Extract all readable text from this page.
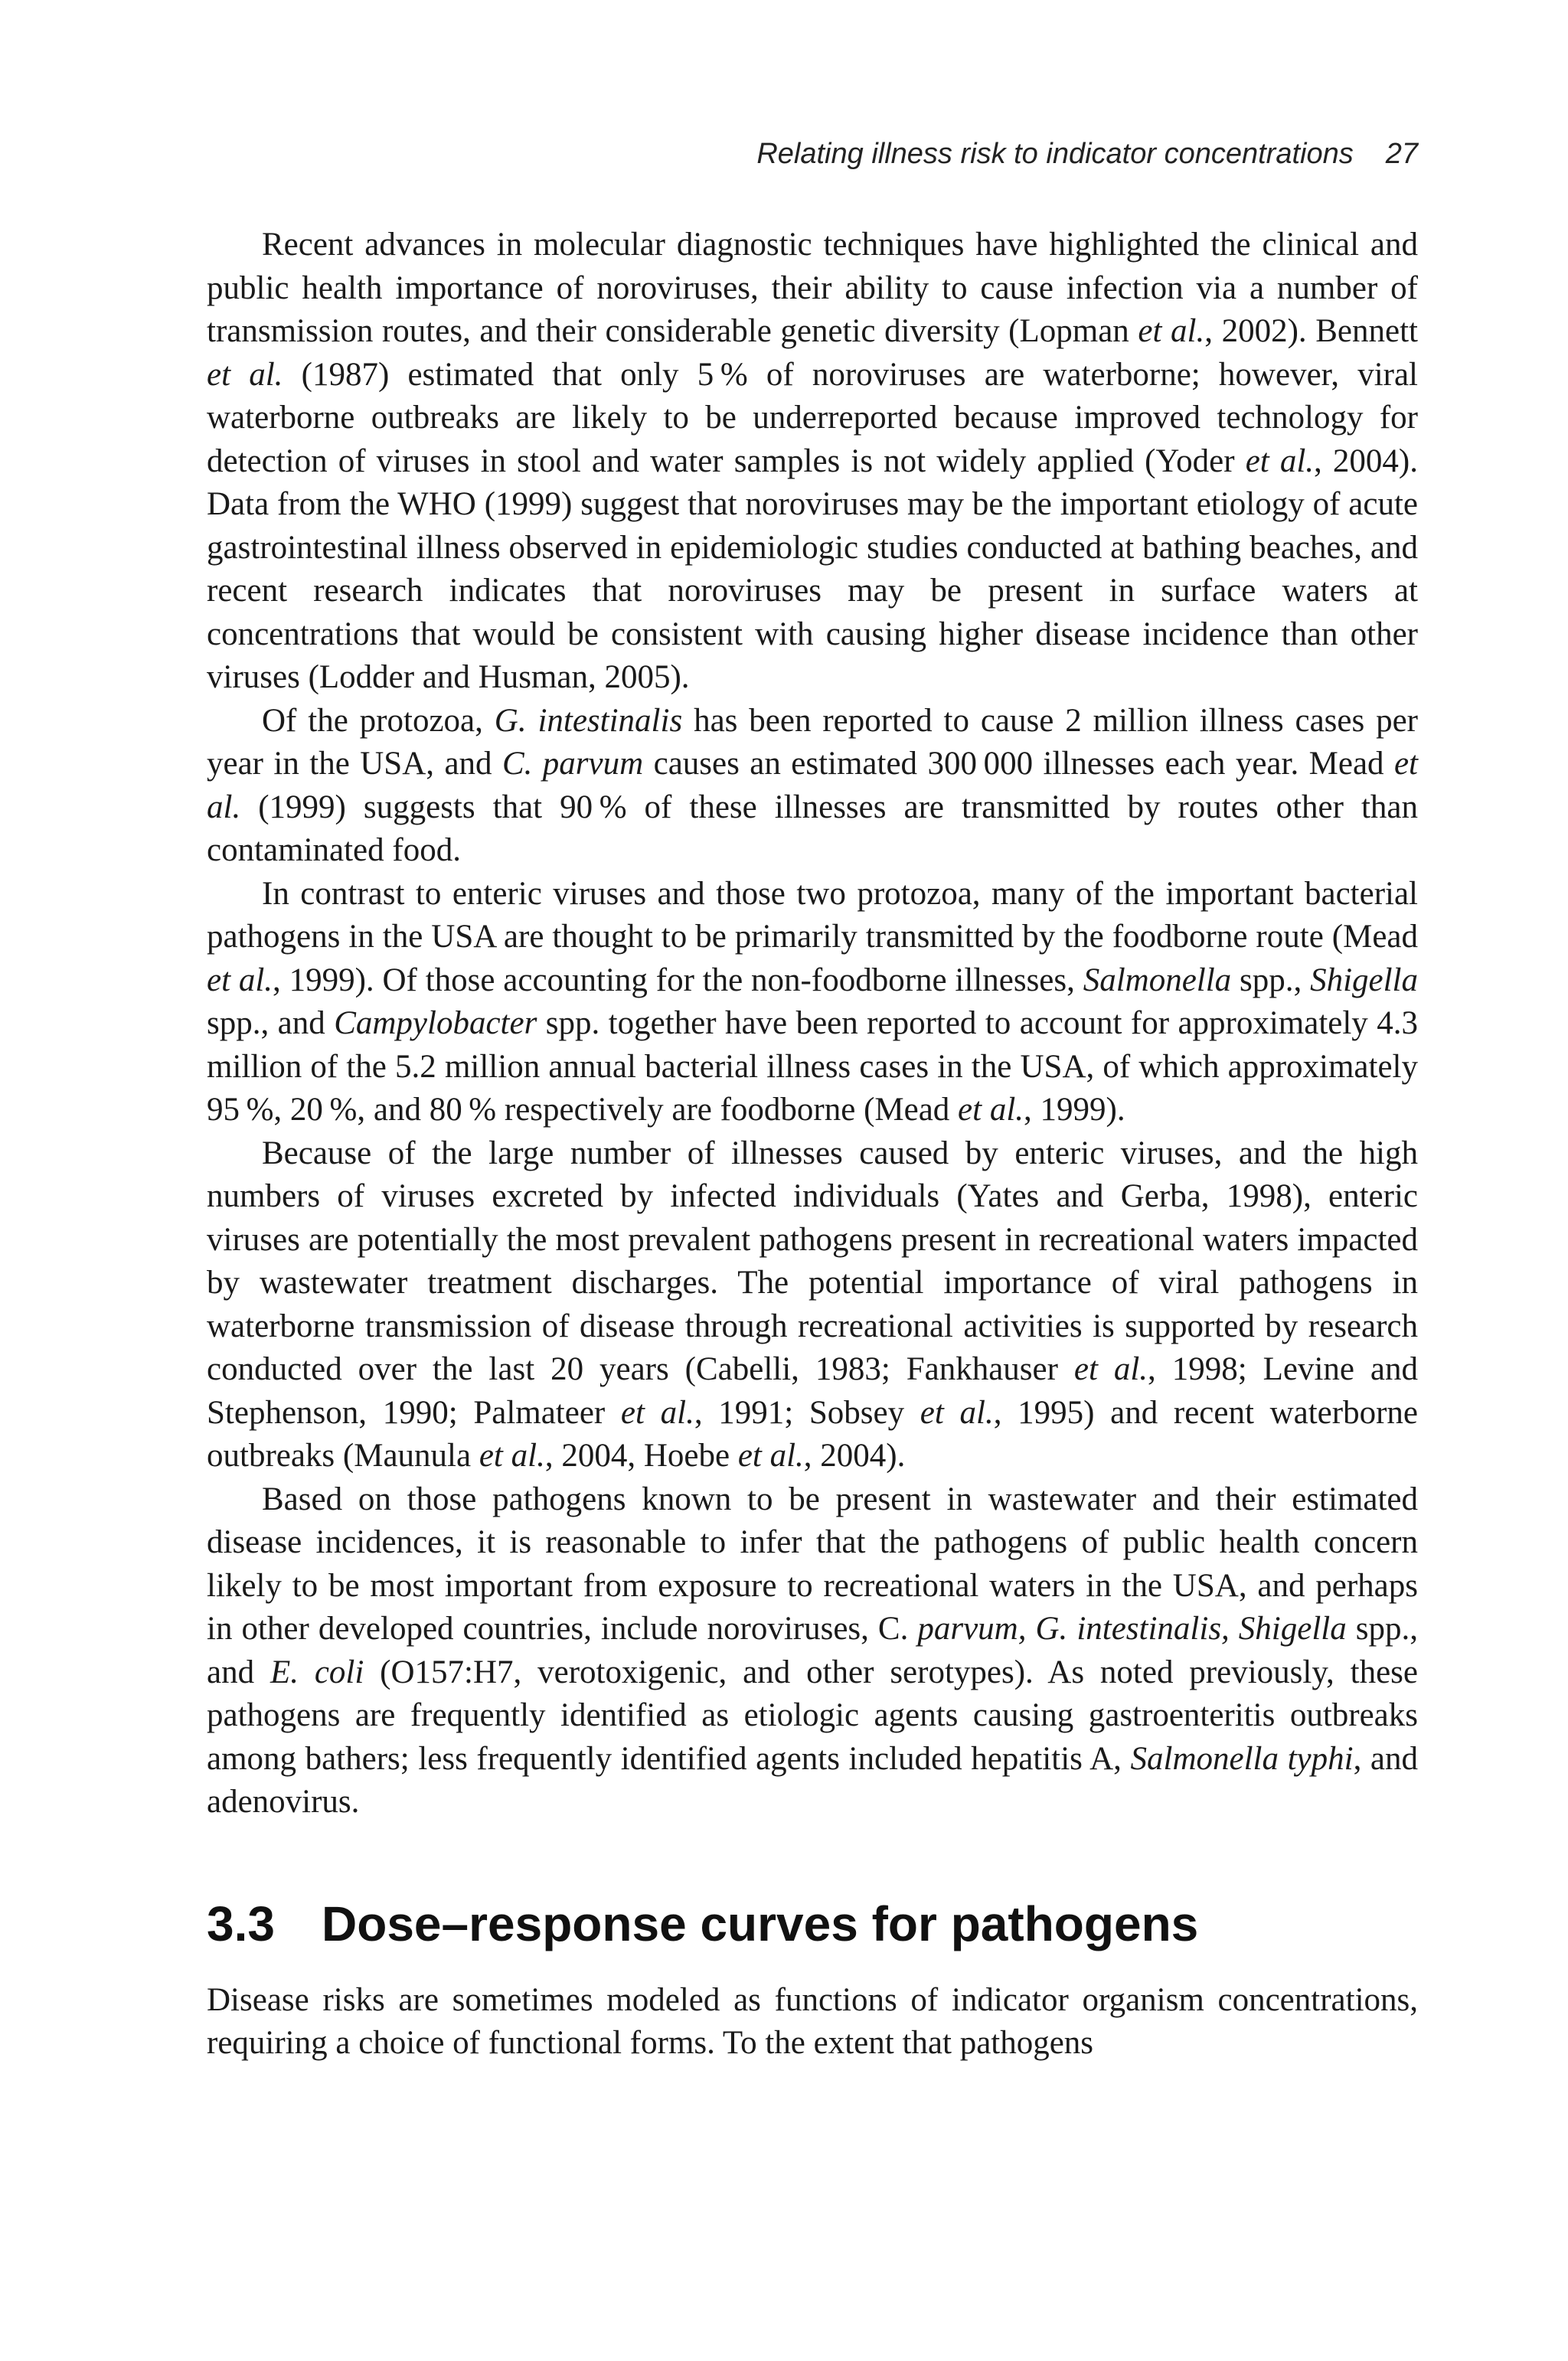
Relating illness risk to indicator concentrations 27

Recent advances in molecular diagnostic techniques have highlighted the clinical and public health importance of noroviruses, their ability to cause infection via a number of transmission routes, and their considerable genetic diversity (Lopman et al., 2002). Bennett et al. (1987) estimated that only 5 % of noroviruses are waterborne; however, viral waterborne outbreaks are likely to be underreported because improved technology for detection of viruses in stool and water samples is not widely applied (Yoder et al., 2004). Data from the WHO (1999) suggest that noroviruses may be the important etiology of acute gastrointestinal illness observed in epidemiologic studies conducted at bathing beaches, and recent research indicates that noroviruses may be present in surface waters at concentrations that would be consistent with causing higher disease incidence than other viruses (Lodder and Husman, 2005).

Of the protozoa, G. intestinalis has been reported to cause 2 million illness cases per year in the USA, and C. parvum causes an estimated 300 000 illnesses each year. Mead et al. (1999) suggests that 90 % of these illnesses are transmitted by routes other than contaminated food.

In contrast to enteric viruses and those two protozoa, many of the important bacterial pathogens in the USA are thought to be primarily transmitted by the foodborne route (Mead et al., 1999). Of those accounting for the non-foodborne illnesses, Salmonella spp., Shigella spp., and Campylobacter spp. together have been reported to account for approximately 4.3 million of the 5.2 million annual bacterial illness cases in the USA, of which approximately 95 %, 20 %, and 80 % respectively are foodborne (Mead et al., 1999).

Because of the large number of illnesses caused by enteric viruses, and the high numbers of viruses excreted by infected individuals (Yates and Gerba, 1998), enteric viruses are potentially the most prevalent pathogens present in recreational waters impacted by wastewater treatment discharges. The potential importance of viral pathogens in waterborne transmission of disease through recreational activities is supported by research conducted over the last 20 years (Cabelli, 1983; Fankhauser et al., 1998; Levine and Stephenson, 1990; Palmateer et al., 1991; Sobsey et al., 1995) and recent waterborne outbreaks (Maunula et al., 2004, Hoebe et al., 2004).

Based on those pathogens known to be present in wastewater and their estimated disease incidences, it is reasonable to infer that the pathogens of public health concern likely to be most important from exposure to recreational waters in the USA, and perhaps in other developed countries, include noroviruses, C. parvum, G. intestinalis, Shigella spp., and E. coli (O157:H7, verotoxigenic, and other serotypes). As noted previously, these pathogens are frequently identified as etiologic agents causing gastroenteritis outbreaks among bathers; less frequently identified agents included hepatitis A, Salmonella typhi, and adenovirus.

3.3 Dose–response curves for pathogens

Disease risks are sometimes modeled as functions of indicator organism concentrations, requiring a choice of functional forms. To the extent that pathogens
